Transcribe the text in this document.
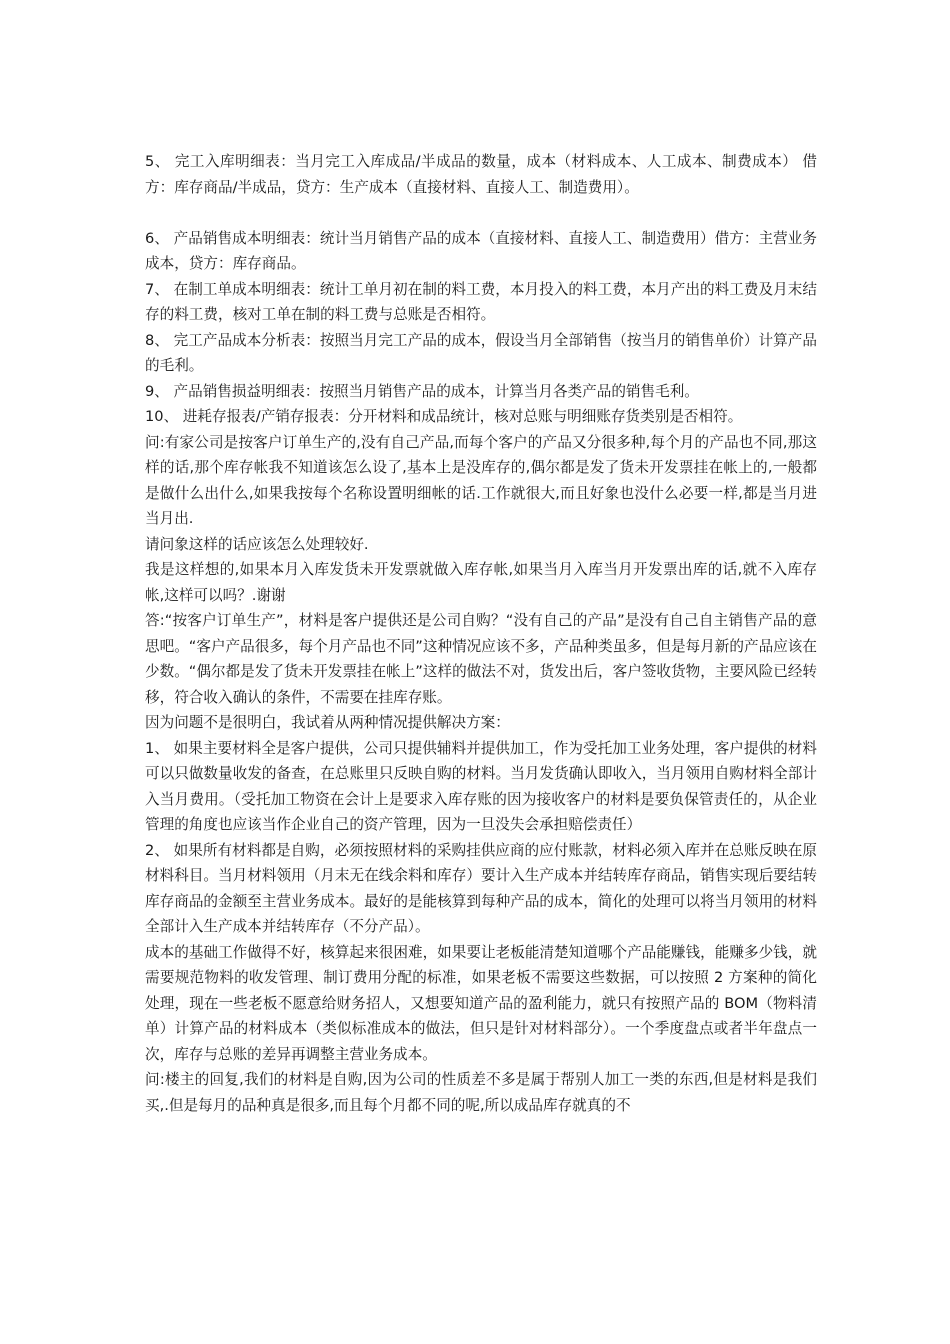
5、 完工入库明细表：当月完工入库成品/半成品的数量，成本（材料成本、人工成本、制费成本） 借方：库存商品/半成品，贷方：生产成本（直接材料、直接人工、制造费用）。

6、 产品销售成本明细表：统计当月销售产品的成本（直接材料、直接人工、制造费用）借方：主营业务成本，贷方：库存商品。

7、 在制工单成本明细表：统计工单月初在制的料工费，本月投入的料工费，本月产出的料工费及月末结存的料工费，核对工单在制的料工费与总账是否相符。

8、 完工产品成本分析表：按照当月完工产品的成本，假设当月全部销售（按当月的销售单价）计算产品的毛利。

9、 产品销售损益明细表：按照当月销售产品的成本，计算当月各类产品的销售毛利。

10、 进耗存报表/产销存报表：分开材料和成品统计，核对总账与明细账存货类别是否相符。

问:有家公司是按客户订单生产的,没有自己产品,而每个客户的产品又分很多种,每个月的产品也不同,那这样的话,那个库存帐我不知道该怎么设了,基本上是没库存的,偶尔都是发了货未开发票挂在帐上的,一般都是做什么出什么,如果我按每个名称设置明细帐的话.工作就很大,而且好象也没什么必要一样,都是当月进当月出.

请问象这样的话应该怎么处理较好.

我是这样想的,如果本月入库发货未开发票就做入库存帐,如果当月入库当月开发票出库的话,就不入库存帐,这样可以吗？.谢谢

答:“按客户订单生产”，材料是客户提供还是公司自购？“没有自己的产品”是没有自己自主销售产品的意思吧。“客户产品很多，每个月产品也不同”这种情况应该不多，产品种类虽多，但是每月新的产品应该在少数。“偶尔都是发了货未开发票挂在帐上”这样的做法不对，货发出后，客户签收货物，主要风险已经转移，符合收入确认的条件，不需要在挂库存账。

因为问题不是很明白，我试着从两种情况提供解决方案：

1、 如果主要材料全是客户提供，公司只提供辅料并提供加工，作为受托加工业务处理，客户提供的材料可以只做数量收发的备查，在总账里只反映自购的材料。当月发货确认即收入，当月领用自购材料全部计入当月费用。（受托加工物资在会计上是要求入库存账的因为接收客户的材料是要负保管责任的，从企业管理的角度也应该当作企业自己的资产管理，因为一旦没失会承担赔偿责任）

2、 如果所有材料都是自购，必须按照材料的采购挂供应商的应付账款，材料必须入库并在总账反映在原材料科目。当月材料领用（月末无在线余料和库存）要计入生产成本并结转库存商品，销售实现后要结转库存商品的金额至主营业务成本。最好的是能核算到每种产品的成本，简化的处理可以将当月领用的材料全部计入生产成本并结转库存（不分产品）。

成本的基础工作做得不好，核算起来很困难，如果要让老板能清楚知道哪个产品能赚钱，能赚多少钱，就需要规范物料的收发管理、制订费用分配的标准，如果老板不需要这些数据，可以按照 2 方案种的简化处理，现在一些老板不愿意给财务招人，又想要知道产品的盈利能力，就只有按照产品的 BOM（物料清单）计算产品的材料成本（类似标准成本的做法，但只是针对材料部分）。一个季度盘点或者半年盘点一次，库存与总账的差异再调整主营业务成本。

问:楼主的回复,我们的材料是自购,因为公司的性质差不多是属于帮别人加工一类的东西,但是材料是我们买,.但是每月的品种真是很多,而且每个月都不同的呢,所以成品库存就真的不
